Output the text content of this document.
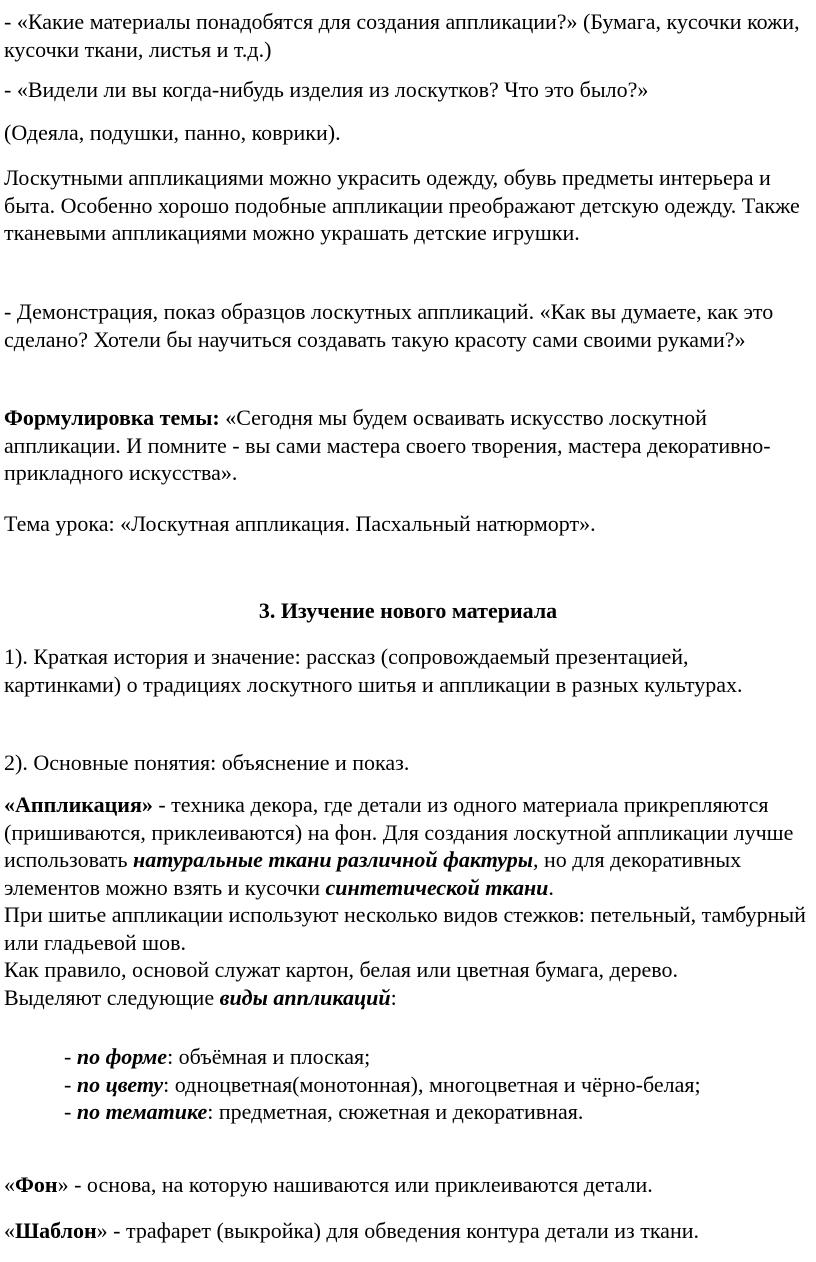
- «Какие материалы понадобятся для создания аппликации?» (Бумага, кусочки кожи, кусочки ткани, листья и т.д.)

- «Видели ли вы когда-нибудь изделия из лоскутков? Что это было?»

(Одеяла, подушки, панно, коврики).

Лоскутными аппликациями можно украсить одежду, обувь предметы интерьера и быта. Особенно хорошо подобные аппликации преображают детскую одежду. Также тканевыми аппликациями можно украшать детские игрушки.

- Демонстрация, показ образцов лоскутных аппликаций. «Как вы думаете, как это сделано? Хотели бы научиться создавать такую красоту сами своими руками?»

Формулировка темы: «Сегодня мы будем осваивать искусство лоскутной аппликации. И помните - вы сами мастера своего творения, мастера декоративно-прикладного искусства».

Тема урока: «Лоскутная аппликация. Пасхальный натюрморт».

3. Изучение нового материала

1). Краткая история и значение: рассказ (сопровождаемый презентацией, картинками) о традициях лоскутного шитья и аппликации в разных культурах.

2). Основные понятия: объяснение и показ.

«Аппликация» - техника декора, где детали из одного материала прикрепляются (пришиваются, приклеиваются) на фон. Для создания лоскутной аппликации лучше использовать натуральные ткани различной фактуры, но для декоративных элементов можно взять и кусочки синтетической ткани.
При шитье аппликации используют несколько видов стежков: петельный, тамбурный или гладьевой шов.
Как правило, основой служат картон, белая или цветная бумага, дерево.
Выделяют следующие виды аппликаций:
- по форме: объёмная и плоская;
- по цвету: одноцветная(монотонная), многоцветная и чёрно-белая;
- по тематике: предметная, сюжетная и декоративная.

«Фон» - основа, на которую нашиваются или приклеиваются детали.

«Шаблон» - трафарет (выкройка) для обведения контура детали из ткани.
